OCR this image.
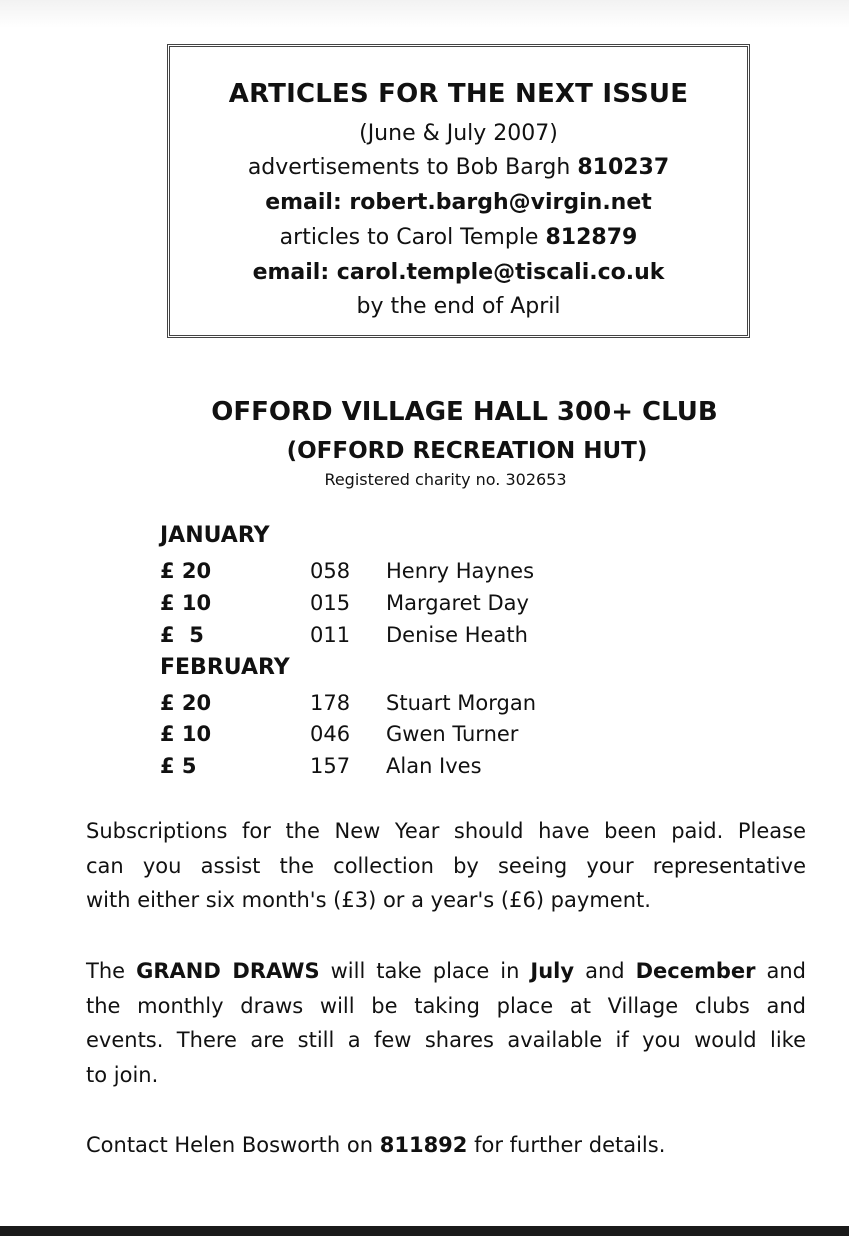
ARTICLES FOR THE NEXT ISSUE
(June & July 2007)
advertisements to Bob Bargh 810237
email: robert.bargh@virgin.net
articles to Carol Temple 812879
email: carol.temple@tiscali.co.uk
by the end of April
OFFORD VILLAGE HALL 300+ CLUB
(OFFORD RECREATION HUT)
Registered charity no. 302653
JANUARY
£ 20	058 Henry Haynes
£ 10	015 Margaret Day
£  5	011 Denise Heath
FEBRUARY
£ 20	178 Stuart Morgan
£ 10	046 Gwen Turner
£ 5	157 Alan Ives
Subscriptions for the New Year should have been paid. Please
can you assist the collection by seeing your representative
with either six month's (£3) or a year's (£6) payment.
The GRAND DRAWS will take place in July and December and
the monthly draws will be taking place at Village clubs and
events. There are still a few shares available if you would like
to join.
Contact Helen Bosworth on 811892 for further details.
